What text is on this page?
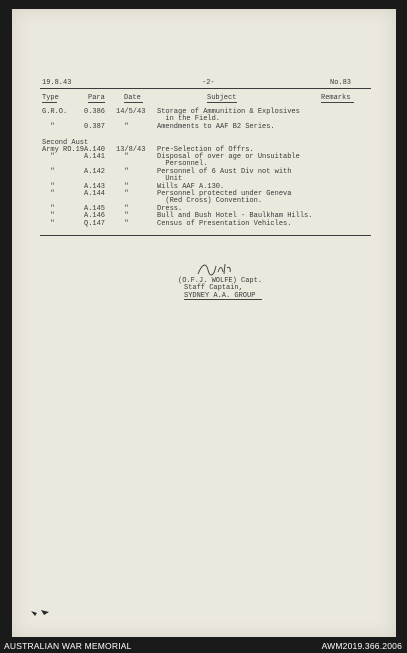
19.8.43	-2-	No.83
Type	Para	Date	Subject	Remarks
G.R.O. 0.386 14/5/43 Storage of Ammunition & Explosives
in the Field.
"	0.387 "	Amendments to AAF B2 Series.
Second Aust
Army RO.19 A.140 13/8/43 Pre-Selection of Offrs.
"	A.141 "	Disposal of over age or Unsuitable
Personnel.
"	A.142 "	Personnel of 6 Aust Div not with
Unit
"	A.143 "	Wills AAF A.130.
"	A.144 "	Personnel protected under Geneva
(Red Cross) Convention.
"	A.145 "	Dress.
"	A.146 "	Bull and Bush Hotel - Baulkham Hills.
"	Q.147 "	Census of Presentation Vehicles.
(O.F.J. WOLFE) Capt.
Staff Captain,
SYDNEY A.A. GROUP
AUSTRALIAN WAR MEMORIAL	AWM2019.366.2006
